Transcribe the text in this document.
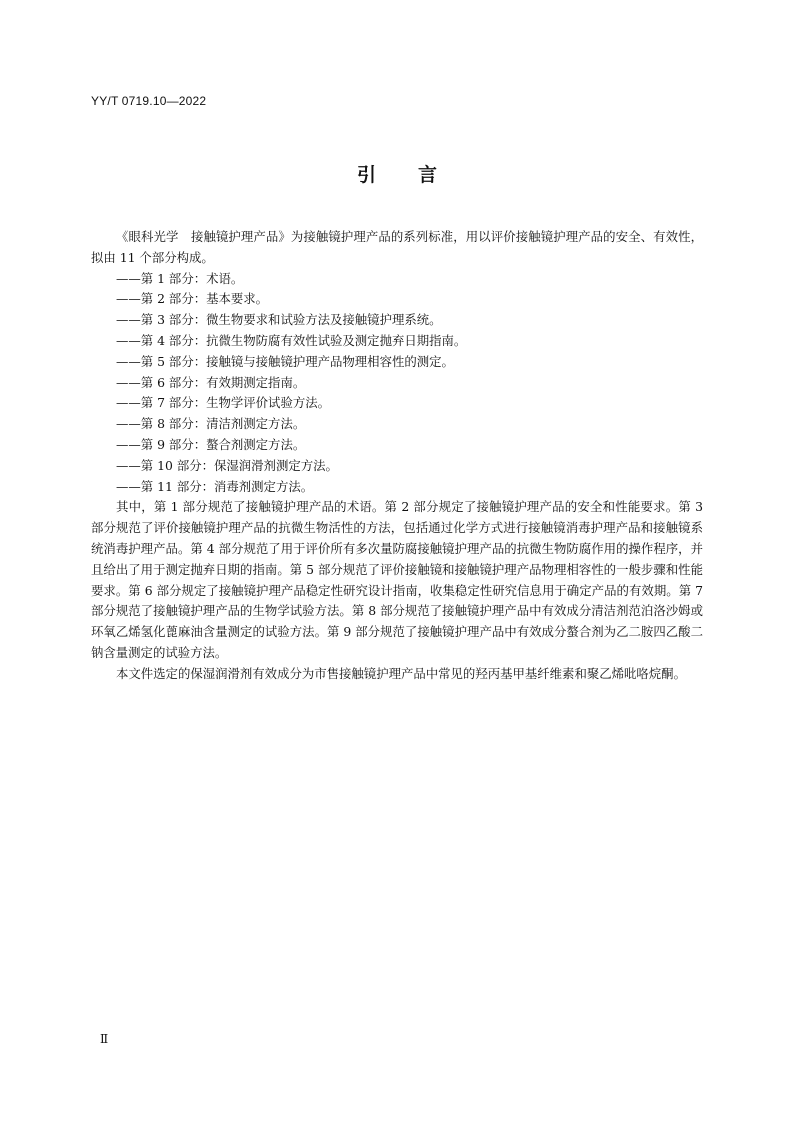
YY/T 0719.10—2022
引言

《眼科光学　接触镜护理产品》为接触镜护理产品的系列标准，用以评价接触镜护理产品的安全、有效性，拟由 11 个部分构成。

——第 1 部分：术语。
——第 2 部分：基本要求。
——第 3 部分：微生物要求和试验方法及接触镜护理系统。
——第 4 部分：抗微生物防腐有效性试验及测定抛弃日期指南。
——第 5 部分：接触镜与接触镜护理产品物理相容性的测定。
——第 6 部分：有效期测定指南。
——第 7 部分：生物学评价试验方法。
——第 8 部分：清洁剂测定方法。
——第 9 部分：螯合剂测定方法。
——第 10 部分：保湿润滑剂测定方法。
——第 11 部分：消毒剂测定方法。

其中，第 1 部分规范了接触镜护理产品的术语。第 2 部分规定了接触镜护理产品的安全和性能要求。第 3 部分规范了评价接触镜护理产品的抗微生物活性的方法，包括通过化学方式进行接触镜消毒护理产品和接触镜系统消毒护理产品。第 4 部分规范了用于评价所有多次量防腐接触镜护理产品的抗微生物防腐作用的操作程序，并且给出了用于测定抛弃日期的指南。第 5 部分规范了评价接触镜和接触镜护理产品物理相容性的一般步骤和性能要求。第 6 部分规定了接触镜护理产品稳定性研究设计指南，收集稳定性研究信息用于确定产品的有效期。第 7 部分规范了接触镜护理产品的生物学试验方法。第 8 部分规范了接触镜护理产品中有效成分清洁剂范泊洛沙姆或环氧乙烯氢化蓖麻油含量测定的试验方法。第 9 部分规范了接触镜护理产品中有效成分螯合剂为乙二胺四乙酸二钠含量测定的试验方法。

本文件选定的保湿润滑剂有效成分为市售接触镜护理产品中常见的羟丙基甲基纤维素和聚乙烯吡咯烷酮。

Ⅱ
